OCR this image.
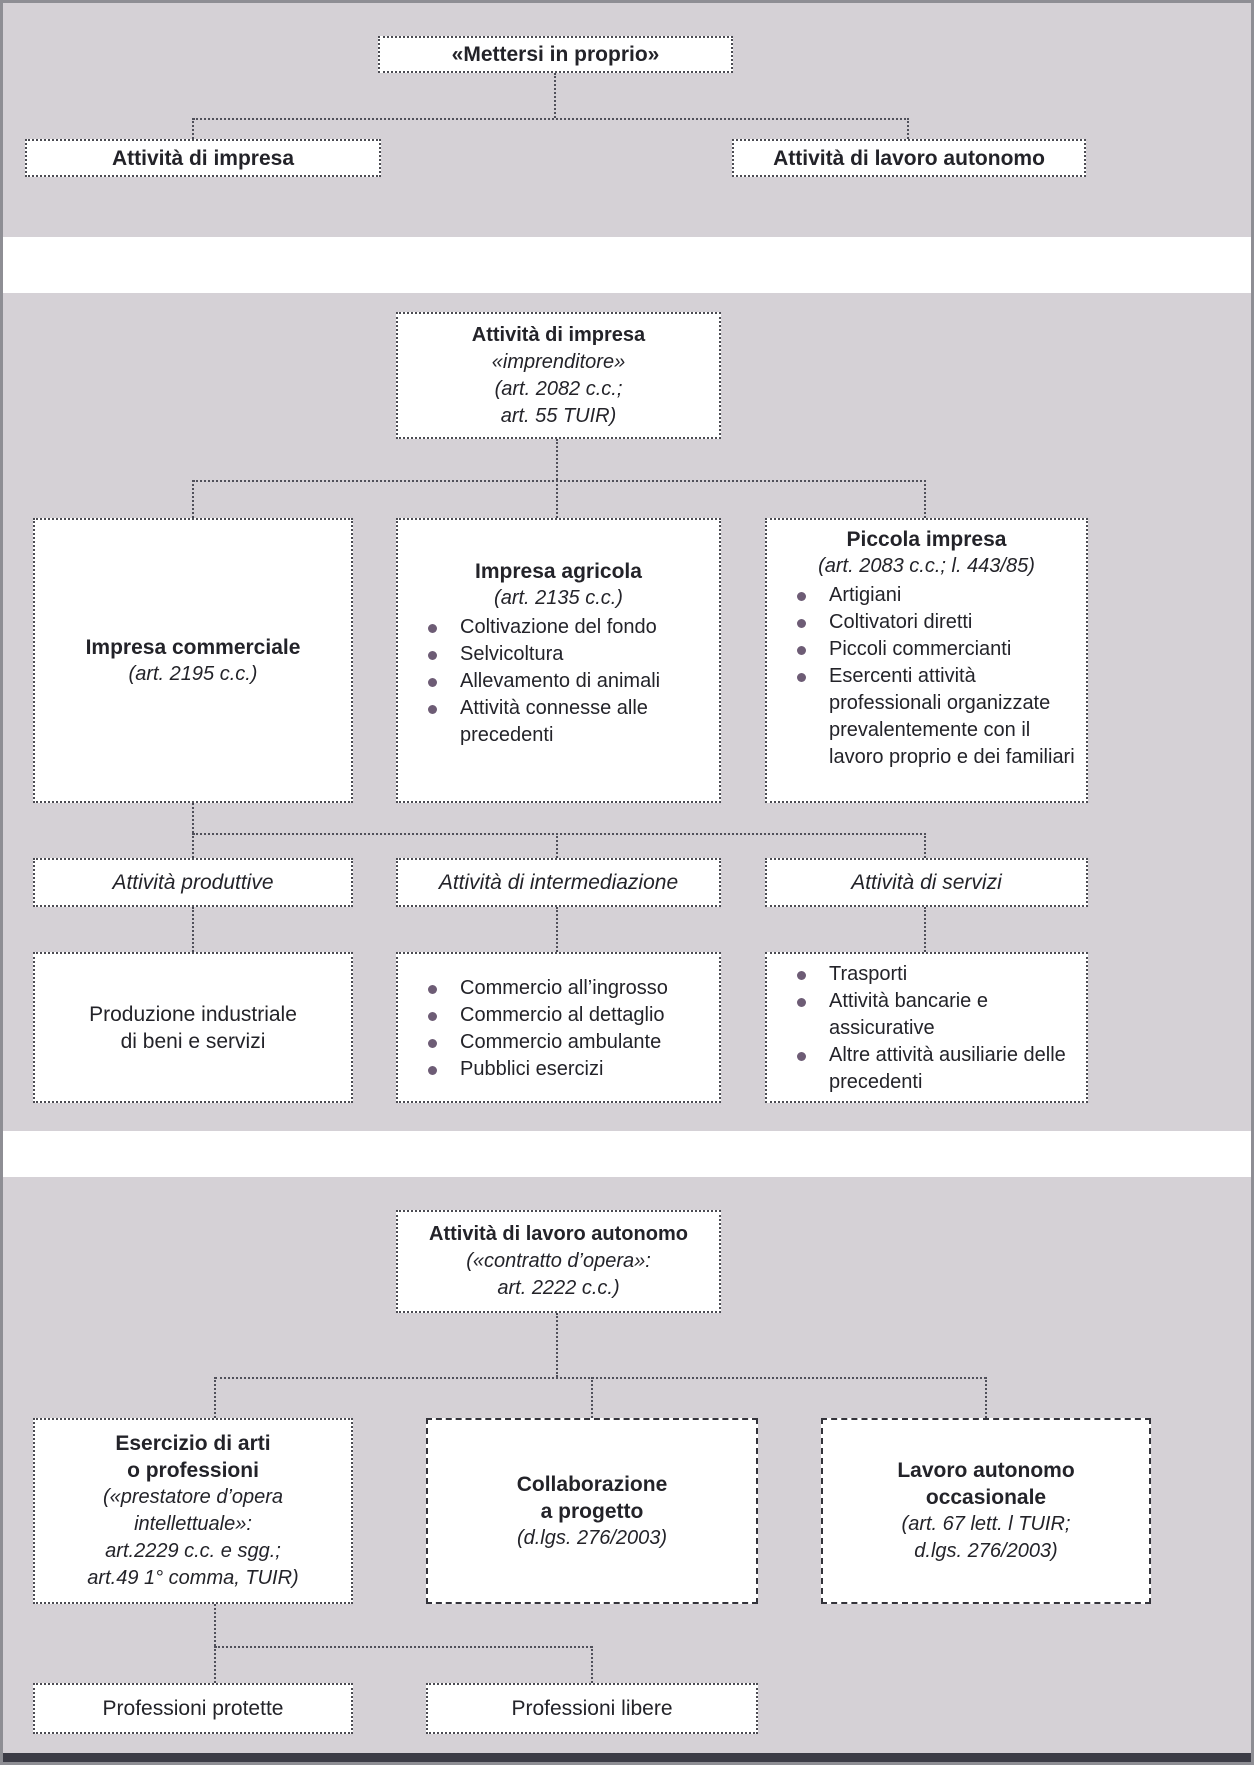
«Mettersi in proprio»
Attività di impresa	Attività di lavoro autonomo
Attività di impresa
«imprenditore»
(art. 2082 c.c.;
art. 55 TUIR)
Impresa commerciale
(art. 2195 c.c.)
Impresa agricola
(art. 2135 c.c.)
Coltivazione del fondo
Selvicoltura
Allevamento di animali
Attività connesse alle precedenti
Piccola impresa
(art. 2083 c.c.; l. 443/85)
Artigiani
Coltivatori diretti
Piccoli commercianti
Esercenti attività professionali organizzate prevalentemente con il lavoro proprio e dei familiari
Attività produttive	Attività di intermediazione	Attività di servizi
Produzione industriale
di beni e servizi
Commercio all’ingrosso
Commercio al dettaglio
Commercio ambulante
Pubblici esercizi
Trasporti
Attività bancarie e assicurative
Altre attività ausiliarie delle precedenti
Attività di lavoro autonomo
(«contratto d’opera»:
art. 2222 c.c.)
Esercizio di arti
o professioni
(«prestatore d’opera
intellettuale»:
art.2229 c.c. e sgg.;
art.49 1° comma, TUIR)
Collaborazione
a progetto
(d.lgs. 276/2003)
Lavoro autonomo
occasionale
(art. 67 lett. l TUIR;
d.lgs. 276/2003)
Professioni protette	Professioni libere
